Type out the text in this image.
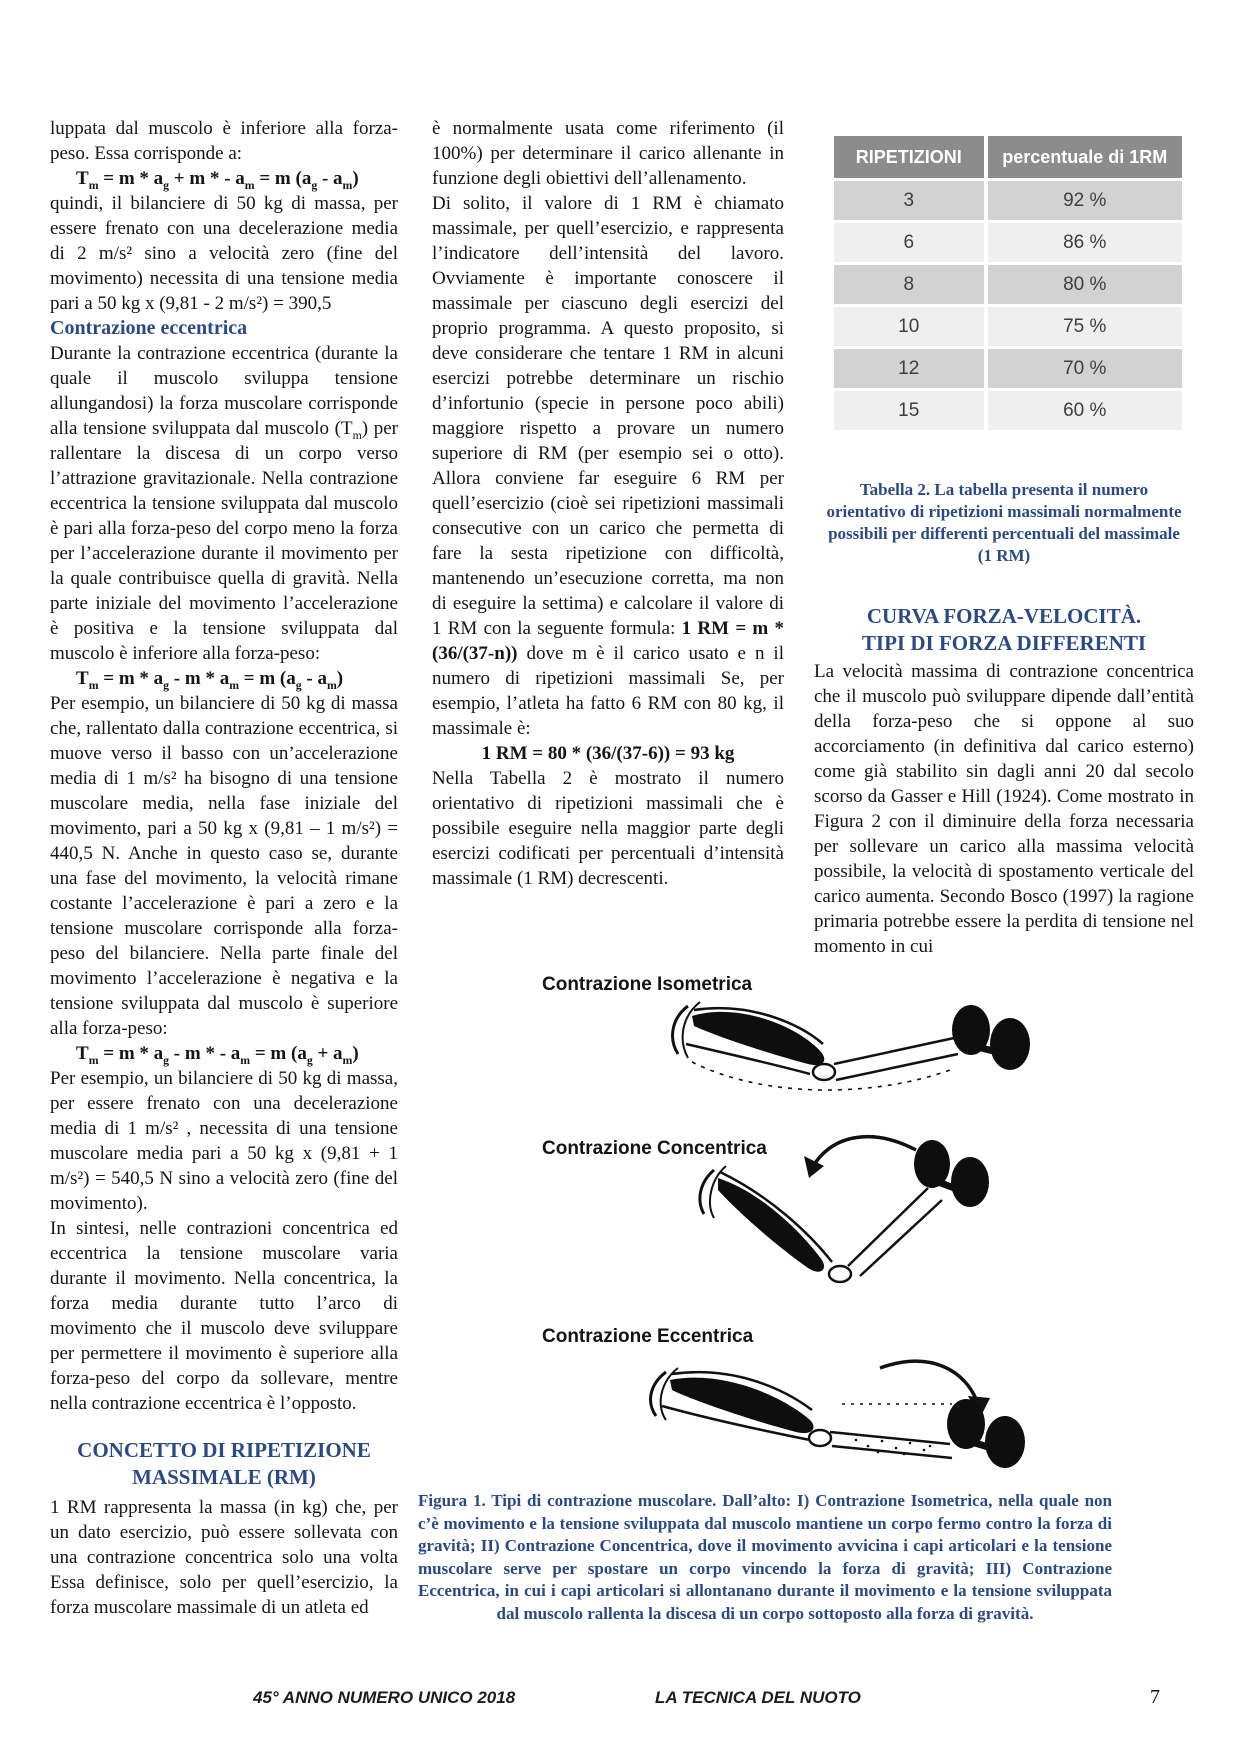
luppata dal muscolo è inferiore alla forza-peso. Essa corrisponde a:

$T_m = m * a_g + m$ * - $a_m = m$ $(a_g - a_m)$

quindi, il bilanciere di 50 kg di massa, per essere frenato con una decelerazione media di 2 m/s² sino a velocità zero (fine del movimento) necessita di una tensione media pari a 50 kg x (9,81 - 2 m/s²) = 390,5

Contrazione eccentrica

Durante la contrazione eccentrica (durante la quale il muscolo sviluppa tensione allungandosi) la forza muscolare corrisponde alla tensione sviluppata dal muscolo $(T_m)$ per rallentare la discesa di un corpo verso l’attrazione gravitazionale. Nella contrazione eccentrica la tensione sviluppata dal muscolo è pari alla forza-peso del corpo meno la forza per l’accelerazione durante il movimento per la quale contribuisce quella di gravità. Nella parte iniziale del movimento l’accelerazione è positiva e la tensione sviluppata dal muscolo è inferiore alla forza-peso:

$T_m = m * a_g - m * a_m = m$ $(a_g - a_m)$

Per esempio, un bilanciere di 50 kg di massa che, rallentato dalla contrazione eccentrica, si muove verso il basso con un’accelerazione media di 1 m/s² ha bisogno di una tensione muscolare media, nella fase iniziale del movimento, pari a 50 kg x (9,81 – 1 m/s²) = 440,5 N. Anche in questo caso se, durante una fase del movimento, la velocità rimane costante l’accelerazione è pari a zero e la tensione muscolare corrisponde alla forza-peso del bilanciere. Nella parte finale del movimento l’accelerazione è negativa e la tensione sviluppata dal muscolo è superiore alla forza-peso:

$T_m = m * a_g - m$ * - $a_m = m$ $(a_g + a_m)$

Per esempio, un bilanciere di 50 kg di massa, per essere frenato con una decelerazione media di 1 m/s² , necessita di una tensione muscolare media pari a 50 kg x (9,81 + 1 m/s²) = 540,5 N sino a velocità zero (fine del movimento).

In sintesi, nelle contrazioni concentrica ed eccentrica la tensione muscolare varia durante il movimento. Nella concentrica, la forza media durante tutto l’arco di movimento che il muscolo deve sviluppare per permettere il movimento è superiore alla forza-peso del corpo da sollevare, mentre nella contrazione eccentrica è l’opposto.

CONCETTO DI RIPETIZIONE MASSIMALE (RM)

1 RM rappresenta la massa (in kg) che, per un dato esercizio, può essere sollevata con una contrazione concentrica solo una volta Essa definisce, solo per quell’esercizio, la forza muscolare massimale di un atleta ed

è normalmente usata come riferimento (il 100%) per determinare il carico allenante in funzione degli obiettivi dell’allenamento.

Di solito, il valore di 1 RM è chiamato massimale, per quell’esercizio, e rappresenta l’indicatore dell’intensità del lavoro. Ovviamente è importante conoscere il massimale per ciascuno degli esercizi del proprio programma. A questo proposito, si deve considerare che tentare 1 RM in alcuni esercizi potrebbe determinare un rischio d’infortunio (specie in persone poco abili) maggiore rispetto a provare un numero superiore di RM (per esempio sei o otto). Allora conviene far eseguire 6 RM per quell’esercizio (cioè sei ripetizioni massimali consecutive con un carico che permetta di fare la sesta ripetizione con difficoltà, mantenendo un’esecuzione corretta, ma non di eseguire la settima) e calcolare il valore di 1 RM con la seguente formula: 1 RM = m * (36/(37-n)) dove m è il carico usato e n il numero di ripetizioni massimali Se, per esempio, l’atleta ha fatto 6 RM con 80 kg, il massimale è:

1 RM = 80 * (36/(37-6)) = 93 kg

Nella Tabella 2 è mostrato il numero orientativo di ripetizioni massimali che è possibile eseguire nella maggior parte degli esercizi codificati per percentuali d’intensità massimale (1 RM) decrescenti.

RIPETIZIONI	percentuale di 1RM
3	92 %
6	86 %
8	80 %
10	75 %
12	70 %
15	60 %
Tabella 2. La tabella presenta il numero orientativo di ripetizioni massimali normalmente possibili per differenti percentuali del massimale (1 RM)
CURVA FORZA-VELOCITÀ.
TIPI DI FORZA DIFFERENTI

La velocità massima di contrazione concentrica che il muscolo può sviluppare dipende dall’entità della forza-peso che si oppone al suo accorciamento (in definitiva dal carico esterno) come già stabilito sin dagli anni 20 dal secolo scorso da Gasser e Hill (1924). Come mostrato in Figura 2 con il diminuire della forza necessaria per sollevare un carico alla massima velocità possibile, la velocità di spostamento verticale del carico aumenta. Secondo Bosco (1997) la ragione primaria potrebbe essere la perdita di tensione nel momento in cui

Contrazione Isometrica
Contrazione Concentrica
Contrazione Eccentrica
Figura 1. Tipi di contrazione muscolare. Dall’alto: I) Contrazione Isometrica, nella quale non c’è movimento e la tensione sviluppata dal muscolo mantiene un corpo fermo contro la forza di gravità; II) Contrazione Concentrica, dove il movimento avvicina i capi articolari e la tensione muscolare serve per spostare un corpo vincendo la forza di gravità; III) Contrazione Eccentrica, in cui i capi articolari si allontanano durante il movimento e la tensione sviluppata dal muscolo rallenta la discesa di un corpo sottoposto alla forza di gravità.
45° ANNO NUMERO UNICO 2018	LA TECNICA DEL NUOTO	7
